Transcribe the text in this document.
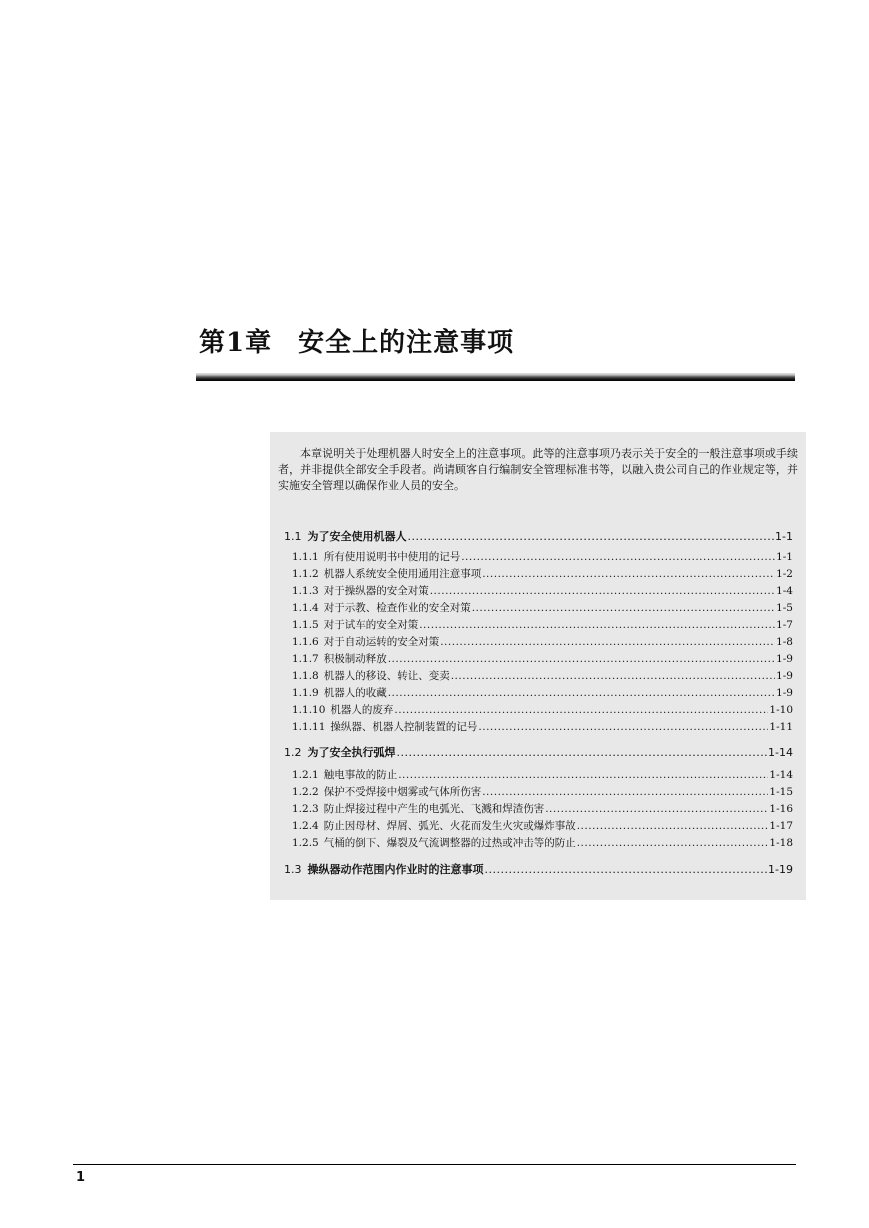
第1章 安全上的注意事项

本章说明关于处理机器人时安全上的注意事项。此等的注意事项乃表示关于安全的一般注意事项或手续者，并非提供全部安全手段者。尚请顾客自行编制安全管理标准书等，以融入贵公司自己的作业规定等，并实施安全管理以确保作业人员的安全。

1.1 为了安全使用机器人 .....	1-1
1.1.1 所有使用说明书中使用的记号 .....	1-1
1.1.2 机器人系统安全使用通用注意事项 .....	1-2
1.1.3 对于操纵器的安全对策 .....	1-4
1.1.4 对于示教、检查作业的安全对策 .....	1-5
1.1.5 对于试车的安全对策 .....	1-7
1.1.6 对于自动运转的安全对策 .....	1-8
1.1.7 积极制动释放 .....	1-9
1.1.8 机器人的移设、转让、变卖 .....	1-9
1.1.9 机器人的收藏 .....	1-9
1.1.10 机器人的废弃 .....	1-10
1.1.11 操纵器、机器人控制装置的记号 .....	1-11
1.2 为了安全执行弧焊 .....	1-14
1.2.1 触电事故的防止 .....	1-14
1.2.2 保护不受焊接中烟雾或气体所伤害 .....	1-15
1.2.3 防止焊接过程中产生的电弧光、飞溅和焊渣伤害 .....	1-16
1.2.4 防止因母材、焊屑、弧光、火花而发生火灾或爆炸事故 .....	1-17
1.2.5 气桶的倒下、爆裂及气流调整器的过热或冲击等的防止 .....	1-18
1.3 操纵器动作范围内作业时的注意事项 .....	1-19
1
